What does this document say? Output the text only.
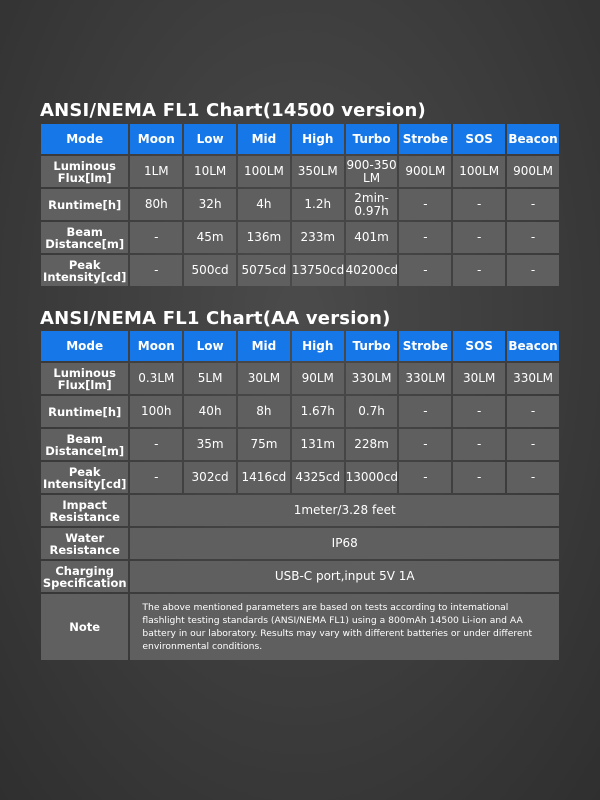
ANSI/NEMA FL1 Chart(14500 version)
Mode	Moon	Low	Mid	High	Turbo	Strobe	SOS	Beacon
Luminous Flux[lm]	1LM	10LM	100LM	350LM	900-350 LM	900LM	100LM	900LM
Runtime[h]	80h	32h	4h	1.2h	2min-0.97h	-	-	-
Beam Distance[m]	-	45m	136m	233m	401m	-	-	-
Peak Intensity[cd]	-	500cd	5075cd	13750cd	40200cd	-	-	-
ANSI/NEMA FL1 Chart(AA version)
Mode	Moon	Low	Mid	High	Turbo	Strobe	SOS	Beacon
Luminous Flux[lm]	0.3LM	5LM	30LM	90LM	330LM	330LM	30LM	330LM
Runtime[h]	100h	40h	8h	1.67h	0.7h	-	-	-
Beam Distance[m]	-	35m	75m	131m	228m	-	-	-
Peak Intensity[cd]	-	302cd	1416cd	4325cd	13000cd	-	-	-
Impact Resistance	1meter/3.28 feet							
Water Resistance	IP68							
Charging Specification	USB-C port,input 5V 1A							
Note	The above mentioned parameters are based on tests according to intemational flashlight testing standards (ANSI/NEMA FL1) using a 800mAh 14500 Li-ion and AA battery in our laboratory. Results may vary with different batteries or under different environmental conditions.							
